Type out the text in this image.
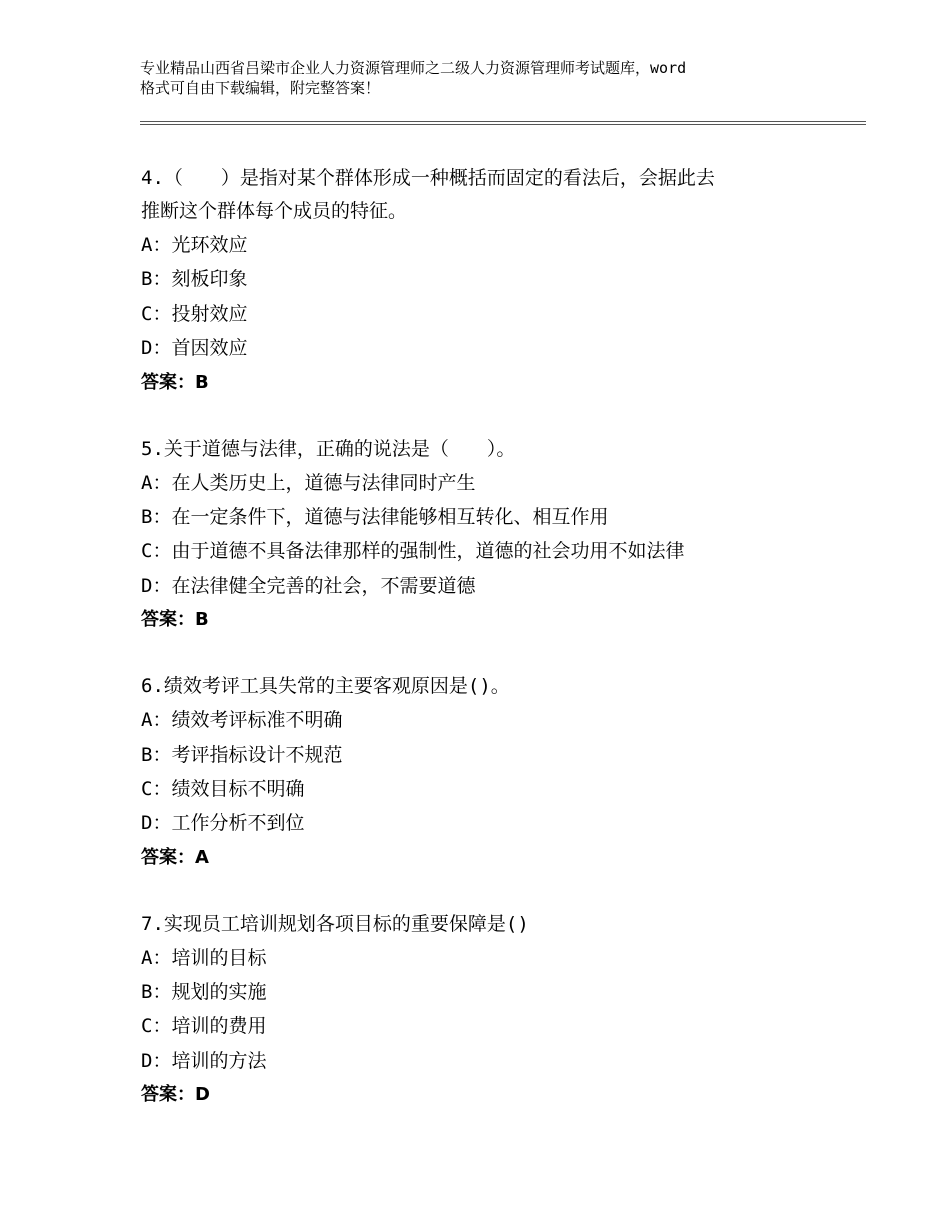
专业精品山西省吕梁市企业人力资源管理师之二级人力资源管理师考试题库，word
格式可自由下载编辑，附完整答案！
4.（　　）是指对某个群体形成一种概括而固定的看法后，会据此去
推断这个群体每个成员的特征。
A：光环效应
B：刻板印象
C：投射效应
D：首因效应
答案：B
5.关于道德与法律，正确的说法是（　　）。
A：在人类历史上，道德与法律同时产生
B：在一定条件下，道德与法律能够相互转化、相互作用
C：由于道德不具备法律那样的强制性，道德的社会功用不如法律
D：在法律健全完善的社会，不需要道德
答案：B
6.绩效考评工具失常的主要客观原因是()。
A：绩效考评标准不明确
B：考评指标设计不规范
C：绩效目标不明确
D：工作分析不到位
答案：A
7.实现员工培训规划各项目标的重要保障是()
A：培训的目标
B：规划的实施
C：培训的费用
D：培训的方法
答案：D
